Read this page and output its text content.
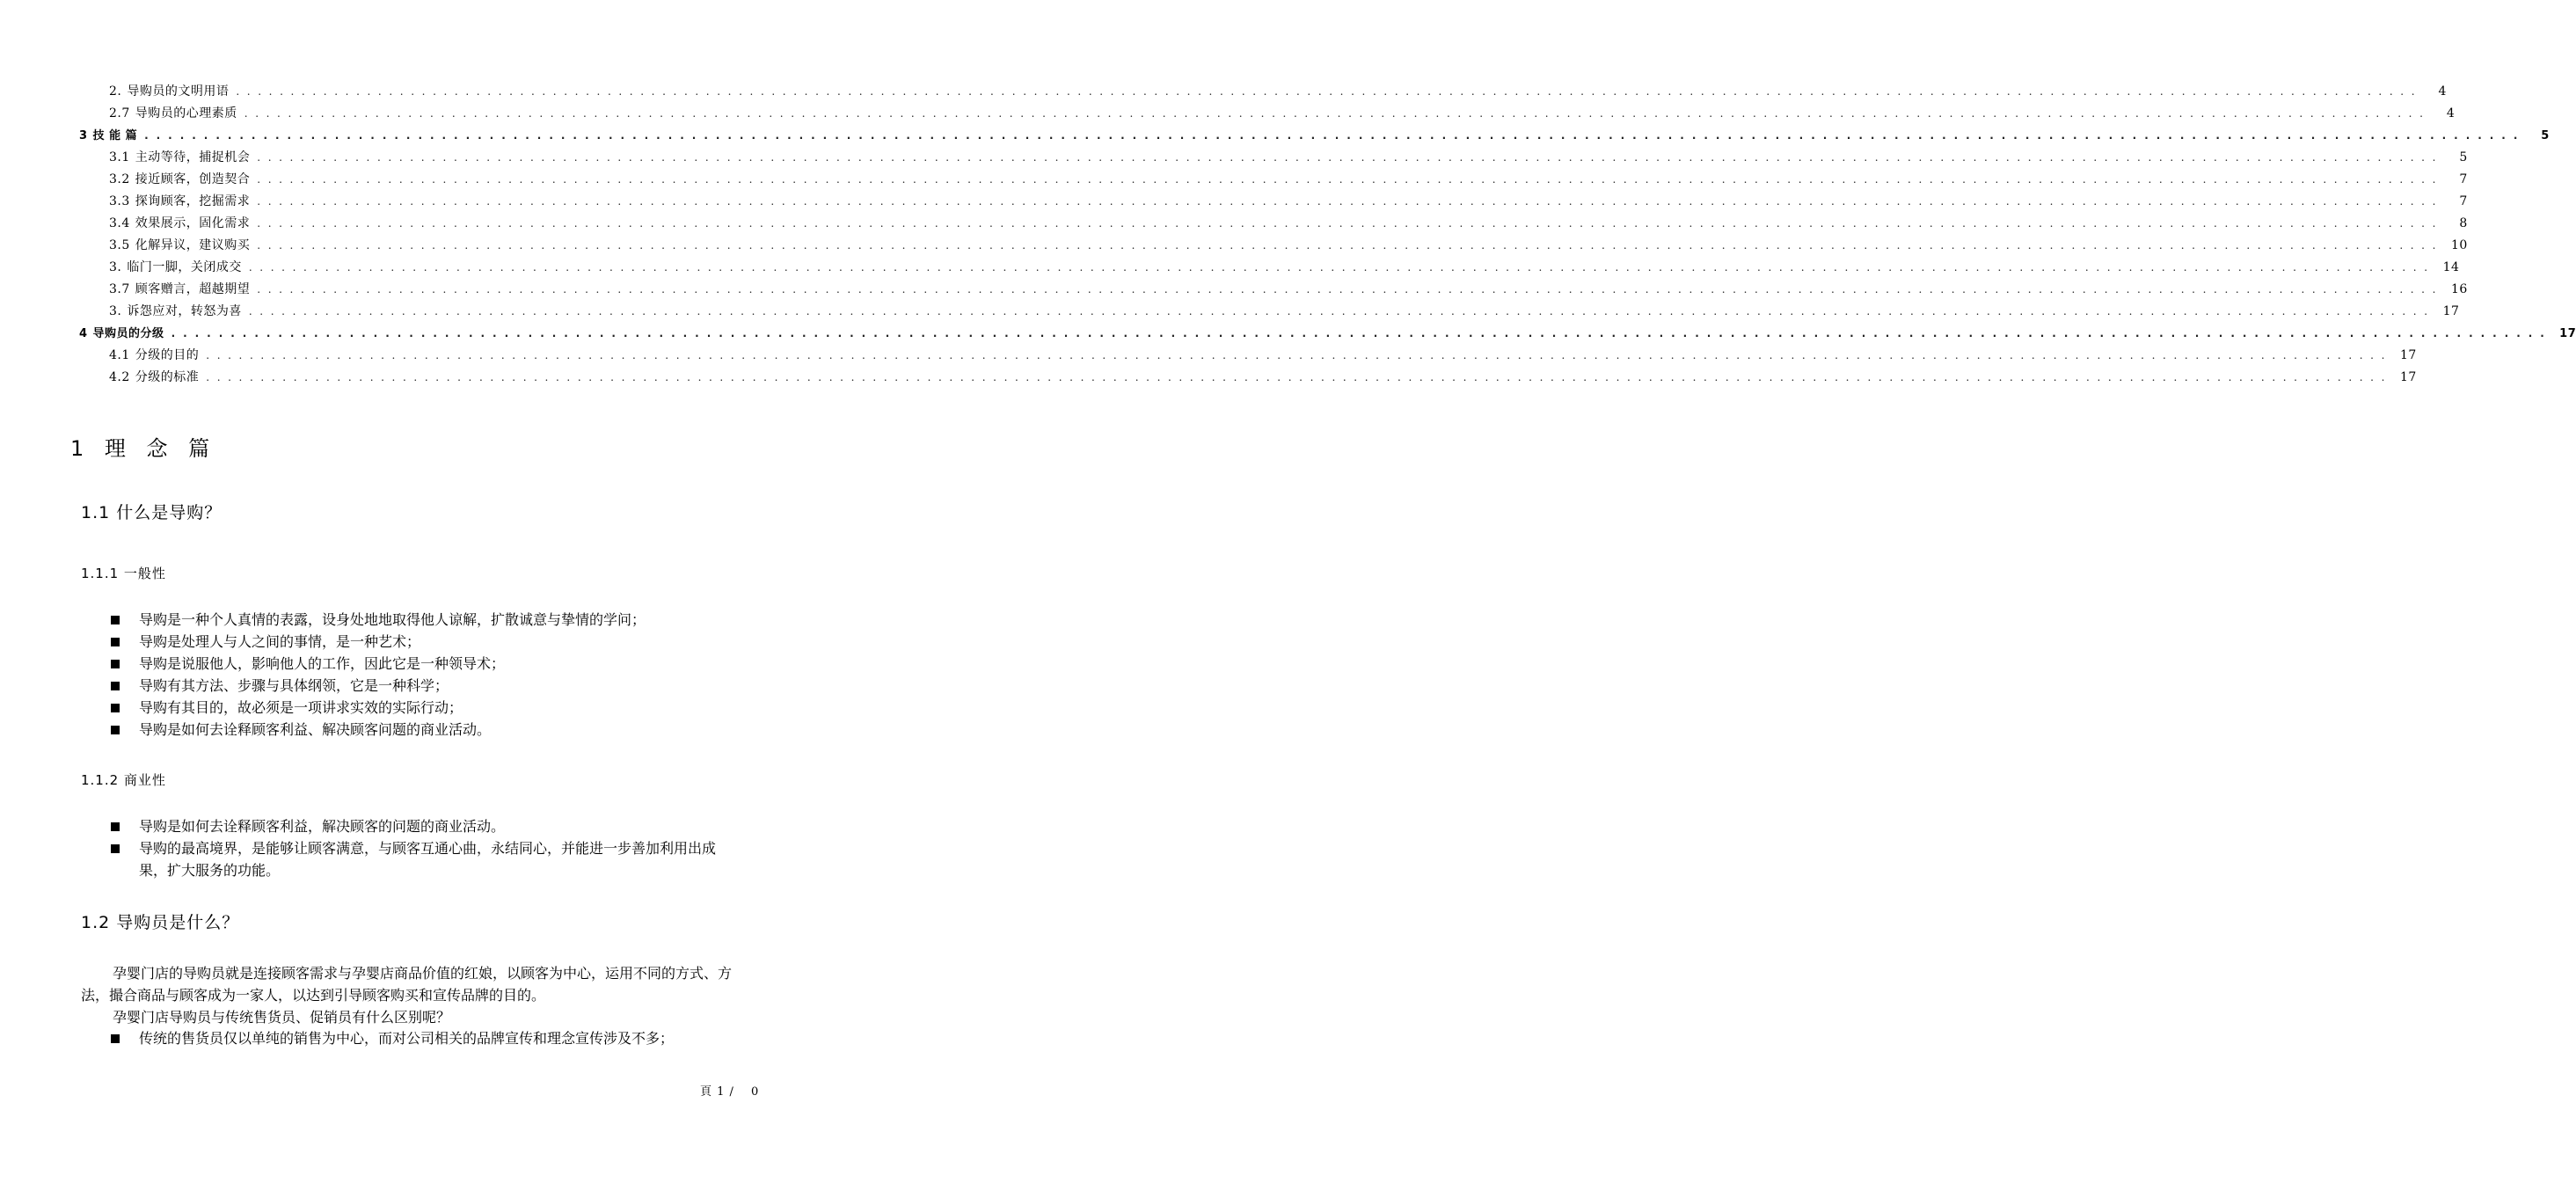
2. 导购员的文明用语 . . . . . . . . . . . . . . . . . . . . . . . . . . . . . . . . . . . . . . . . . . . . . . . . . . . . . . . . . . . . . . . . . . . . . . . . . . . . . . . . . . . . . . . . . . . . . . . . . . . . . . . . . . . . . . . . . . . . . . . . . . . . . . . . . . . . . . . . . . . . . . . . . . . . . . . . . . . . . . . . . . . . . . . . . . . . . . . . . . . . . . . . . . . . . . . . . . . . . . . .	4
2.7 导购员的心理素质 . . . . . . . . . . . . . . . . . . . . . . . . . . . . . . . . . . . . . . . . . . . . . . . . . . . . . . . . . . . . . . . . . . . . . . . . . . . . . . . . . . . . . . . . . . . . . . . . . . . . . . . . . . . . . . . . . . . . . . . . . . . . . . . . . . . . . . . . . . . . . . . . . . . . . . . . . . . . . . . . . . . . . . . . . . . . . . . . . . . . . . . . . . . . . . . . . . . . . . . .	4
3 技 能 篇 . . . . . . . . . . . . . . . . . . . . . . . . . . . . . . . . . . . . . . . . . . . . . . . . . . . . . . . . . . . . . . . . . . . . . . . . . . . . . . . . . . . . . . . . . . . . . . . . . . . . . . . . . . . . . . . . . . . . . . . . . . . . . . . . . . . . . . . . . . . . . . . . . . . . . . . . . . . . . . . . . . . . . . . . . . . . . . . . . . . . . . . . . . . . . . . . . . . . . . . .	5
3.1 主动等待，捕捉机会 . . . . . . . . . . . . . . . . . . . . . . . . . . . . . . . . . . . . . . . . . . . . . . . . . . . . . . . . . . . . . . . . . . . . . . . . . . . . . . . . . . . . . . . . . . . . . . . . . . . . . . . . . . . . . . . . . . . . . . . . . . . . . . . . . . . . . . . . . . . . . . . . . . . . . . . . . . . . . . . . . . . . . . . . . . . . . . . . . . . . . . . . . . . . . . . . . . . . . . . .	5
3.2 接近顾客，创造契合 . . . . . . . . . . . . . . . . . . . . . . . . . . . . . . . . . . . . . . . . . . . . . . . . . . . . . . . . . . . . . . . . . . . . . . . . . . . . . . . . . . . . . . . . . . . . . . . . . . . . . . . . . . . . . . . . . . . . . . . . . . . . . . . . . . . . . . . . . . . . . . . . . . . . . . . . . . . . . . . . . . . . . . . . . . . . . . . . . . . . . . . . . . . . . . . . . . . . . . . .	7
3.3 探询顾客，挖掘需求 . . . . . . . . . . . . . . . . . . . . . . . . . . . . . . . . . . . . . . . . . . . . . . . . . . . . . . . . . . . . . . . . . . . . . . . . . . . . . . . . . . . . . . . . . . . . . . . . . . . . . . . . . . . . . . . . . . . . . . . . . . . . . . . . . . . . . . . . . . . . . . . . . . . . . . . . . . . . . . . . . . . . . . . . . . . . . . . . . . . . . . . . . . . . . . . . . . . . . . . .	7
3.4 效果展示，固化需求 . . . . . . . . . . . . . . . . . . . . . . . . . . . . . . . . . . . . . . . . . . . . . . . . . . . . . . . . . . . . . . . . . . . . . . . . . . . . . . . . . . . . . . . . . . . . . . . . . . . . . . . . . . . . . . . . . . . . . . . . . . . . . . . . . . . . . . . . . . . . . . . . . . . . . . . . . . . . . . . . . . . . . . . . . . . . . . . . . . . . . . . . . . . . . . . . . . . . . . . .	8
3.5 化解异议，建议购买 . . . . . . . . . . . . . . . . . . . . . . . . . . . . . . . . . . . . . . . . . . . . . . . . . . . . . . . . . . . . . . . . . . . . . . . . . . . . . . . . . . . . . . . . . . . . . . . . . . . . . . . . . . . . . . . . . . . . . . . . . . . . . . . . . . . . . . . . . . . . . . . . . . . . . . . . . . . . . . . . . . . . . . . . . . . . . . . . . . . . . . . . . . . . . . . . . . . . . . . .	10
3. 临门一脚，关闭成交 . . . . . . . . . . . . . . . . . . . . . . . . . . . . . . . . . . . . . . . . . . . . . . . . . . . . . . . . . . . . . . . . . . . . . . . . . . . . . . . . . . . . . . . . . . . . . . . . . . . . . . . . . . . . . . . . . . . . . . . . . . . . . . . . . . . . . . . . . . . . . . . . . . . . . . . . . . . . . . . . . . . . . . . . . . . . . . . . . . . . . . . . . . . . . . . . . . . . . . . .	14
3.7 顾客赠言，超越期望 . . . . . . . . . . . . . . . . . . . . . . . . . . . . . . . . . . . . . . . . . . . . . . . . . . . . . . . . . . . . . . . . . . . . . . . . . . . . . . . . . . . . . . . . . . . . . . . . . . . . . . . . . . . . . . . . . . . . . . . . . . . . . . . . . . . . . . . . . . . . . . . . . . . . . . . . . . . . . . . . . . . . . . . . . . . . . . . . . . . . . . . . . . . . . . . . . . . . . . . .	16
3. 诉怨应对，转怒为喜 . . . . . . . . . . . . . . . . . . . . . . . . . . . . . . . . . . . . . . . . . . . . . . . . . . . . . . . . . . . . . . . . . . . . . . . . . . . . . . . . . . . . . . . . . . . . . . . . . . . . . . . . . . . . . . . . . . . . . . . . . . . . . . . . . . . . . . . . . . . . . . . . . . . . . . . . . . . . . . . . . . . . . . . . . . . . . . . . . . . . . . . . . . . . . . . . . . . . . . . .	17
4 导购员的分级 . . . . . . . . . . . . . . . . . . . . . . . . . . . . . . . . . . . . . . . . . . . . . . . . . . . . . . . . . . . . . . . . . . . . . . . . . . . . . . . . . . . . . . . . . . . . . . . . . . . . . . . . . . . . . . . . . . . . . . . . . . . . . . . . . . . . . . . . . . . . . . . . . . . . . . . . . . . . . . . . . . . . . . . . . . . . . . . . . . . . . . . . . . . . . . . . . . . . . . . .	17
4.1 分级的目的 . . . . . . . . . . . . . . . . . . . . . . . . . . . . . . . . . . . . . . . . . . . . . . . . . . . . . . . . . . . . . . . . . . . . . . . . . . . . . . . . . . . . . . . . . . . . . . . . . . . . . . . . . . . . . . . . . . . . . . . . . . . . . . . . . . . . . . . . . . . . . . . . . . . . . . . . . . . . . . . . . . . . . . . . . . . . . . . . . . . . . . . . . . . . . . . . . . . . . . . .	17
4.2 分级的标准 . . . . . . . . . . . . . . . . . . . . . . . . . . . . . . . . . . . . . . . . . . . . . . . . . . . . . . . . . . . . . . . . . . . . . . . . . . . . . . . . . . . . . . . . . . . . . . . . . . . . . . . . . . . . . . . . . . . . . . . . . . . . . . . . . . . . . . . . . . . . . . . . . . . . . . . . . . . . . . . . . . . . . . . . . . . . . . . . . . . . . . . . . . . . . . . . . . . . . . . .	17
1 理 念 篇
1.1 什么是导购？
1.1.1 一般性
导购是一种个人真情的表露，设身处地地取得他人谅解，扩散诚意与挚情的学问；
导购是处理人与人之间的事情，是一种艺术；
导购是说服他人，影响他人的工作，因此它是一种领导术；
导购有其方法、步骤与具体纲领，它是一种科学；
导购有其目的，故必须是一项讲求实效的实际行动；
导购是如何去诠释顾客利益、解决顾客问题的商业活动。
1.1.2 商业性
导购是如何去诠释顾客利益，解决顾客的问题的商业活动。
导购的最高境界，是能够让顾客满意，与顾客互通心曲，永结同心，并能进一步善加利用出成果，扩大服务的功能。
1.2 导购员是什么？

孕婴门店的导购员就是连接顾客需求与孕婴店商品价值的红娘，以顾客为中心，运用不同的方式、方法，撮合商品与顾客成为一家人，以达到引导顾客购买和宣传品牌的目的。

孕婴门店导购员与传统售货员、促销员有什么区别呢？

传统的售货员仅以单纯的销售为中心，而对公司相关的品牌宣传和理念宣传涉及不多；
頁 1 /　 0
